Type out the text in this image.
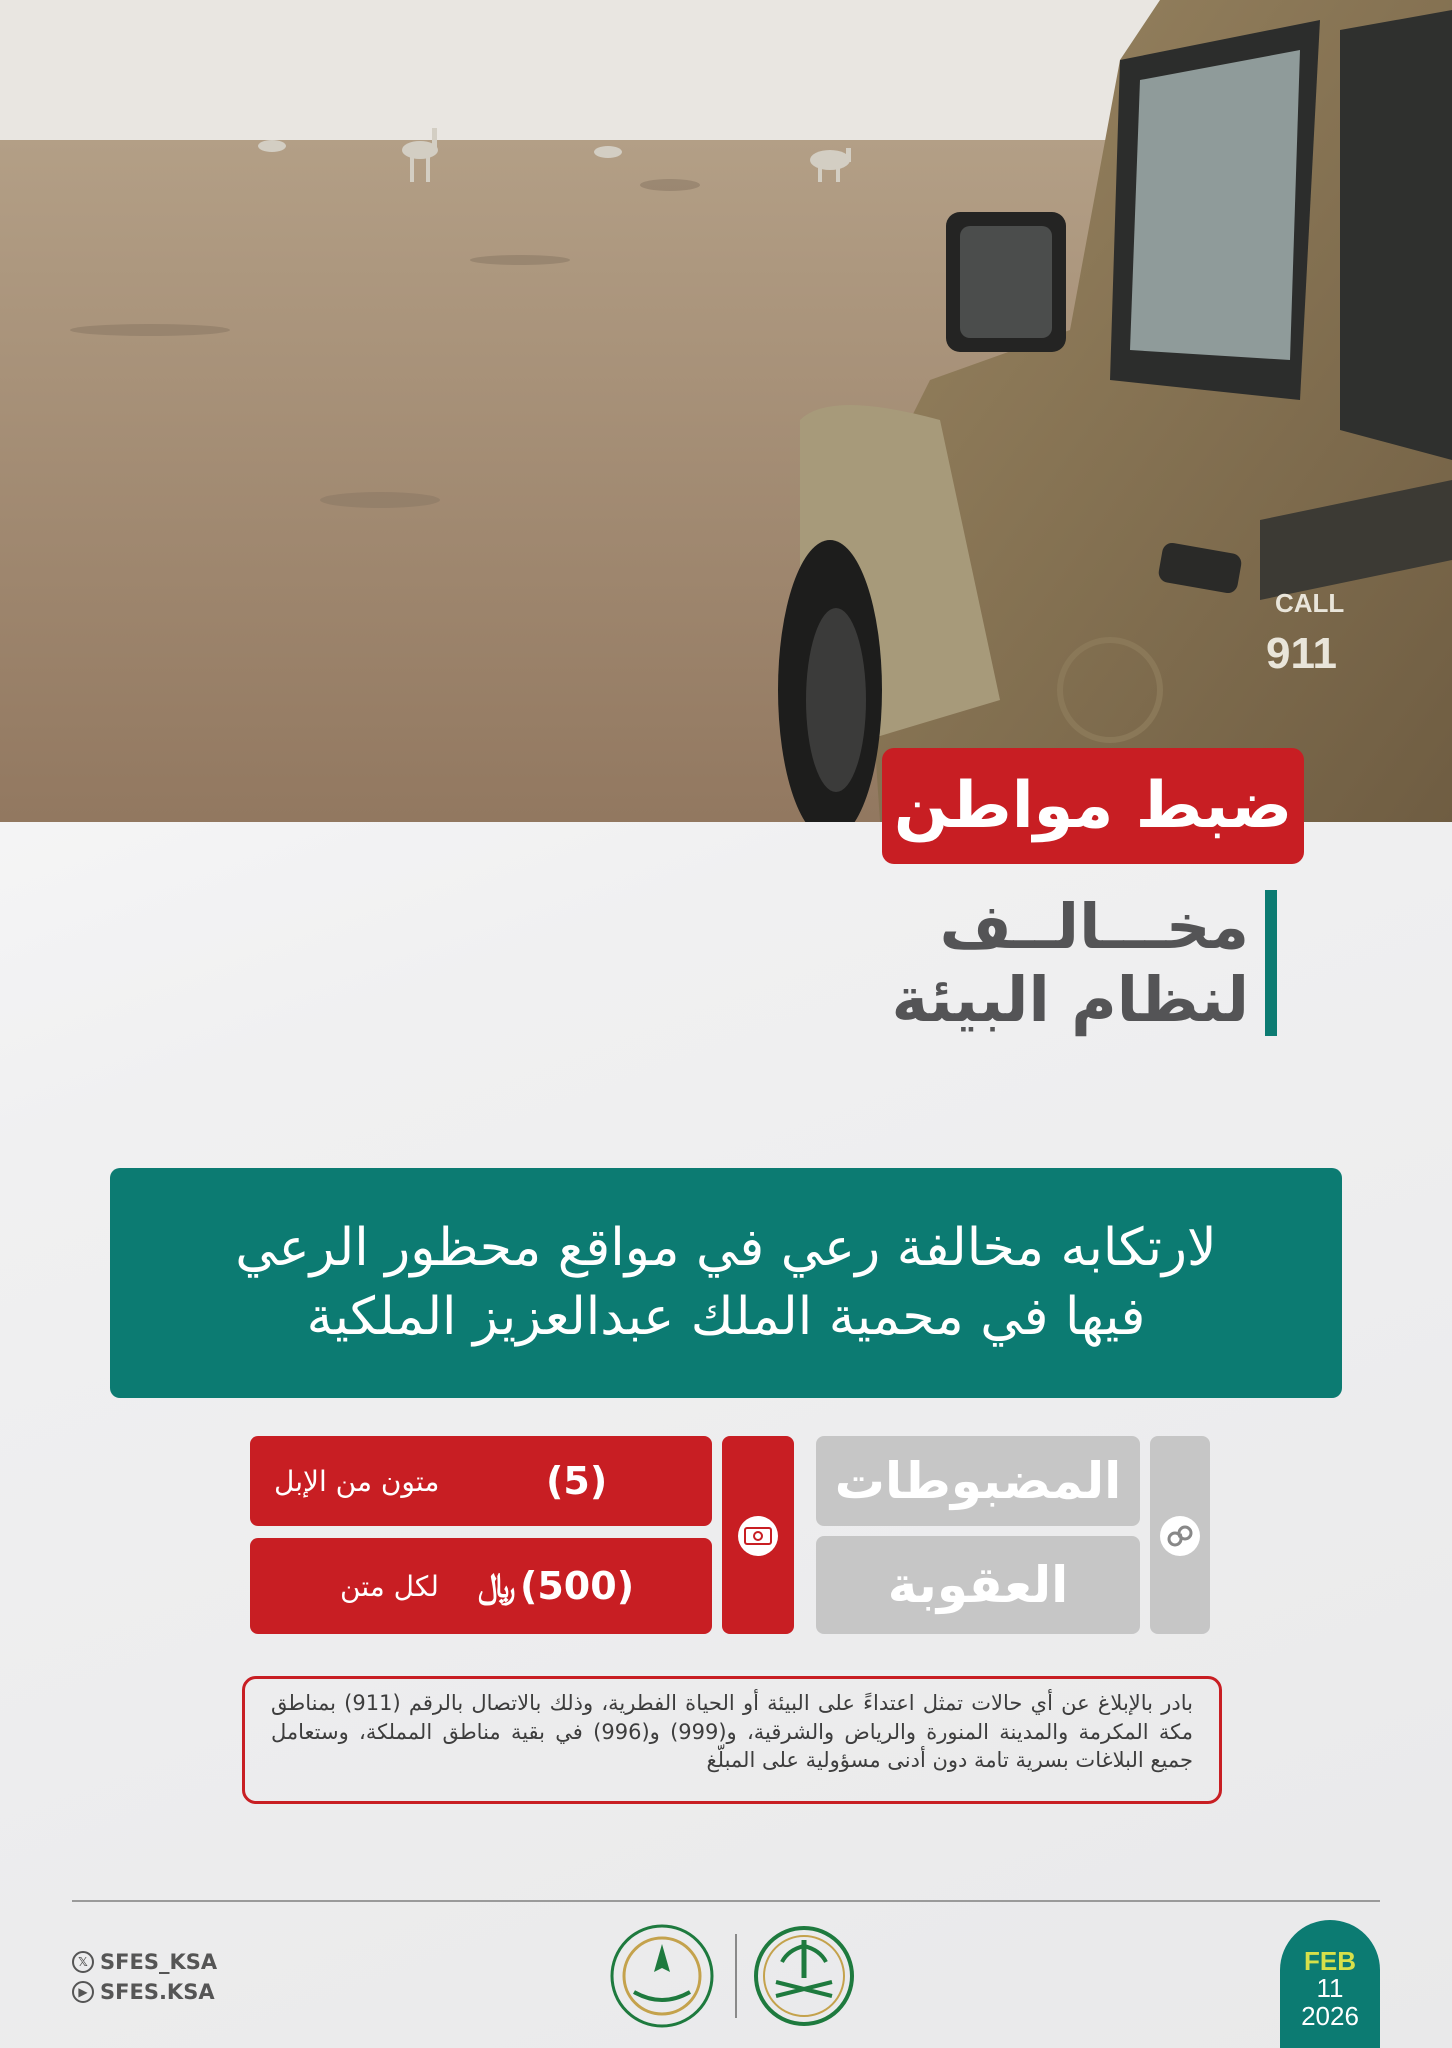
CALL
911
ضبط مواطن
مخـــالــف
لنظام البيئة
لارتكابه مخالفة رعي في مواقع محظور الرعي
فيها في محمية الملك عبدالعزيز الملكية
المضبوطات
العقوبة
(5)
متون من الإبل
(500)
﷼
لكل متن
بادر بالإبلاغ عن أي حالات تمثل اعتداءً على البيئة أو الحياة الفطرية، وذلك بالاتصال بالرقم (911) بمناطق مكة المكرمة والمدينة المنورة والرياض والشرقية، و(999) و(996) في بقية مناطق المملكة، وستعامل جميع البلاغات بسرية تامة دون أدنى مسؤولية على المبلّغ
𝕏 SFES_KSA
▶ SFES.KSA
FEB
11
2026
